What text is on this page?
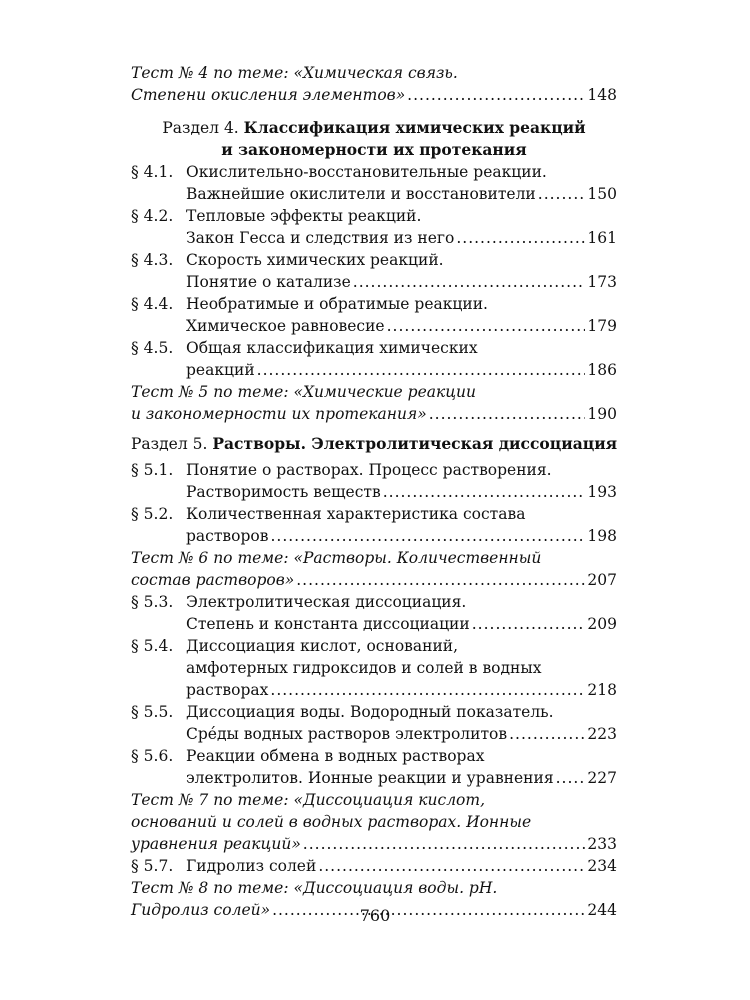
Тест № 4 по теме: «Химическая связь.
Степени окисления элементов» .....	148
Раздел 4. Классификация химических реакций
и закономерности их протекания
§ 4.1. Окислительно-восстановительные реакции.
Важнейшие окислители и восстановители .....	150
§ 4.2. Тепловые эффекты реакций.
Закон Гесса и следствия из него .....	161
§ 4.3. Скорость химических реакций.
Понятие о катализе .....	173
§ 4.4. Необратимые и обратимые реакции.
Химическое равновесие .....	179
§ 4.5. Общая классификация химических
реакций .....	186
Тест № 5 по теме: «Химические реакции
и закономерности их протекания» .....	190
Раздел 5. Растворы. Электролитическая диссоциация
§ 5.1. Понятие о растворах. Процесс растворения.
Растворимость веществ .....	193
§ 5.2. Количественная характеристика состава
растворов .....	198
Тест № 6 по теме: «Растворы. Количественный
состав растворов» .....	207
§ 5.3. Электролитическая диссоциация.
Степень и константа диссоциации .....	209
§ 5.4. Диссоциация кислот, оснований,
амфотерных гидроксидов и солей в водных
растворах .....	218
§ 5.5. Диссоциация воды. Водородный показатель.
Сре́ды водных растворов электролитов .....	223
§ 5.6. Реакции обмена в водных растворах
электролитов. Ионные реакции и уравнения ..... 227
Тест № 7 по теме: «Диссоциация кислот,
оснований и солей в водных растворах. Ионные
уравнения реакций» .....	233
§ 5.7. Гидролиз солей .....	234
Тест № 8 по теме: «Диссоциация воды. pH.
Гидролиз солей» .....	244
760
